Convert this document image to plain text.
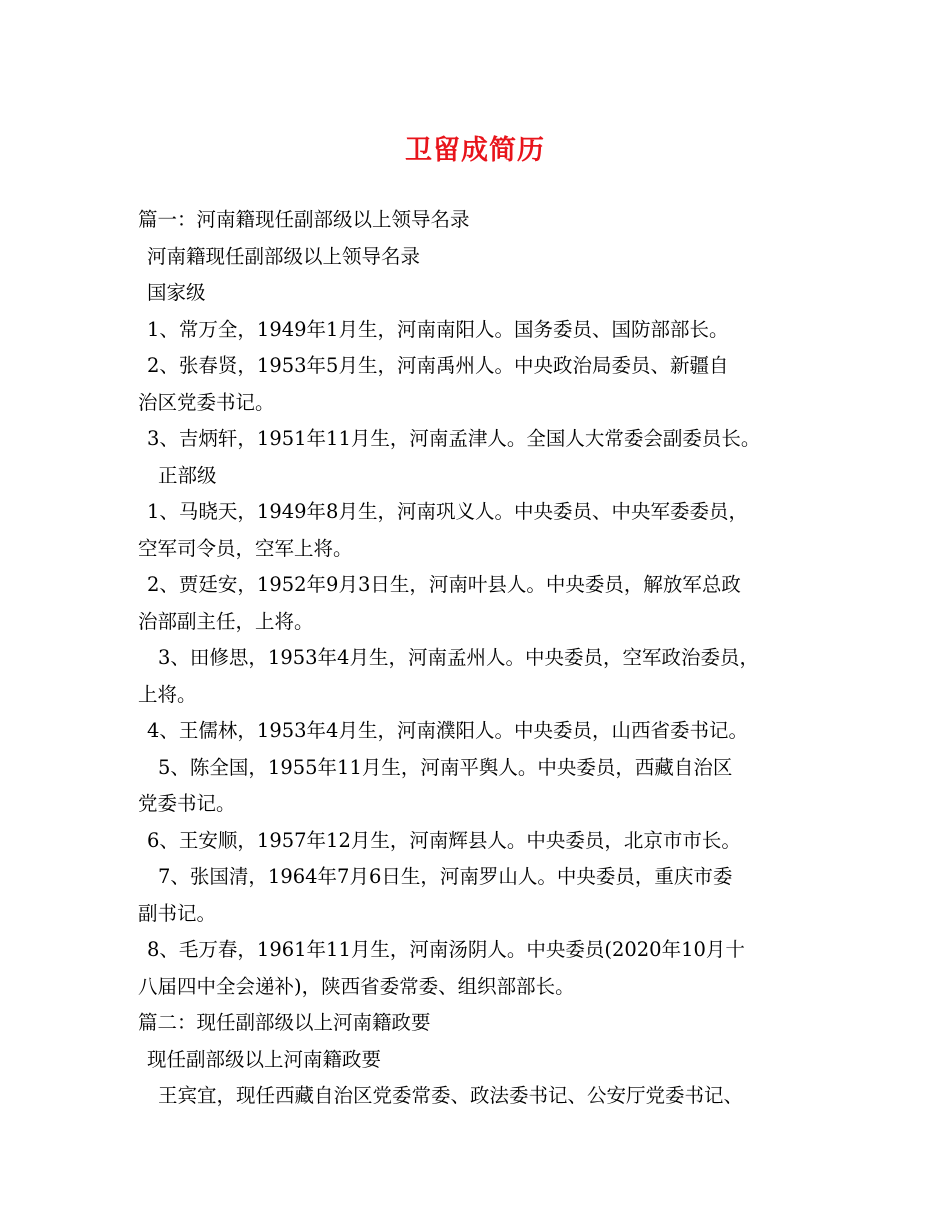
卫留成简历
篇一：河南籍现任副部级以上领导名录
河南籍现任副部级以上领导名录
国家级
1、常万全，1949年1月生，河南南阳人。国务委员、国防部部长。
2、张春贤，1953年5月生，河南禹州人。中央政治局委员、新疆自
治区党委书记。
3、吉炳轩，1951年11月生，河南孟津人。全国人大常委会副委员长。
正部级
1、马晓天，1949年8月生，河南巩义人。中央委员、中央军委委员，
空军司令员，空军上将。
2、贾廷安，1952年9月3日生，河南叶县人。中央委员，解放军总政
治部副主任，上将。
3、田修思，1953年4月生，河南孟州人。中央委员，空军政治委员，
上将。
4、王儒林，1953年4月生，河南濮阳人。中央委员，山西省委书记。
5、陈全国，1955年11月生，河南平舆人。中央委员，西藏自治区
党委书记。
6、王安顺，1957年12月生，河南辉县人。中央委员，北京市市长。
7、张国清，1964年7月6日生，河南罗山人。中央委员，重庆市委
副书记。
8、毛万春，1961年11月生，河南汤阴人。中央委员(2020年10月十
八届四中全会递补)，陕西省委常委、组织部部长。
篇二：现任副部级以上河南籍政要
现任副部级以上河南籍政要
王宾宜，现任西藏自治区党委常委、政法委书记、公安厅党委书记、
